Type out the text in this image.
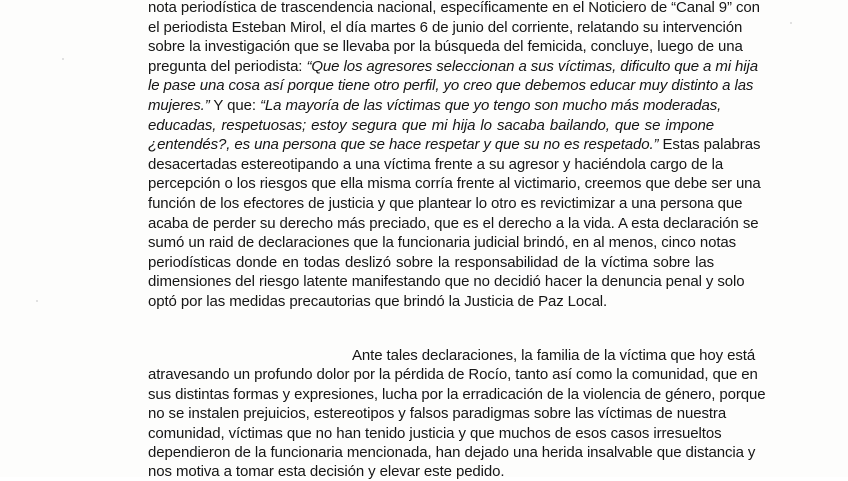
nota periodística de trascendencia nacional, específicamente en el Noticiero de “Canal 9” con
el periodista Esteban Mirol, el día martes 6 de junio del corriente, relatando su intervención
sobre la investigación que se llevaba por la búsqueda del femicida, concluye, luego de una
pregunta del periodista: “Que los agresores seleccionan a sus víctimas, dificulto que a mi hija
le pase una cosa así porque tiene otro perfil, yo creo que debemos educar muy distinto a las
mujeres.” Y que: “La mayoría de las víctimas que yo tengo son mucho más moderadas,
educadas, respetuosas; estoy segura que mi hija lo sacaba bailando, que se impone
¿entendés?, es una persona que se hace respetar y que su no es respetado.” Estas palabras
desacertadas estereotipando a una víctima frente a su agresor y haciéndola cargo de la
percepción o los riesgos que ella misma corría frente al victimario, creemos que debe ser una
función de los efectores de justicia y que plantear lo otro es revictimizar a una persona que
acaba de perder su derecho más preciado, que es el derecho a la vida. A esta declaración se
sumó un raid de declaraciones que la funcionaria judicial brindó, en al menos, cinco notas
periodísticas donde en todas deslizó sobre la responsabilidad de la víctima sobre las
dimensiones del riesgo latente manifestando que no decidió hacer la denuncia penal y solo
optó por las medidas precautorias que brindó la Justicia de Paz Local.
Ante tales declaraciones, la familia de la víctima que hoy está
atravesando un profundo dolor por la pérdida de Rocío, tanto así como la comunidad, que en
sus distintas formas y expresiones, lucha por la erradicación de la violencia de género, porque
no se instalen prejuicios, estereotipos y falsos paradigmas sobre las víctimas de nuestra
comunidad, víctimas que no han tenido justicia y que muchos de esos casos irresueltos
dependieron de la funcionaria mencionada, han dejado una herida insalvable que distancia y
nos motiva a tomar esta decisión y elevar este pedido.
